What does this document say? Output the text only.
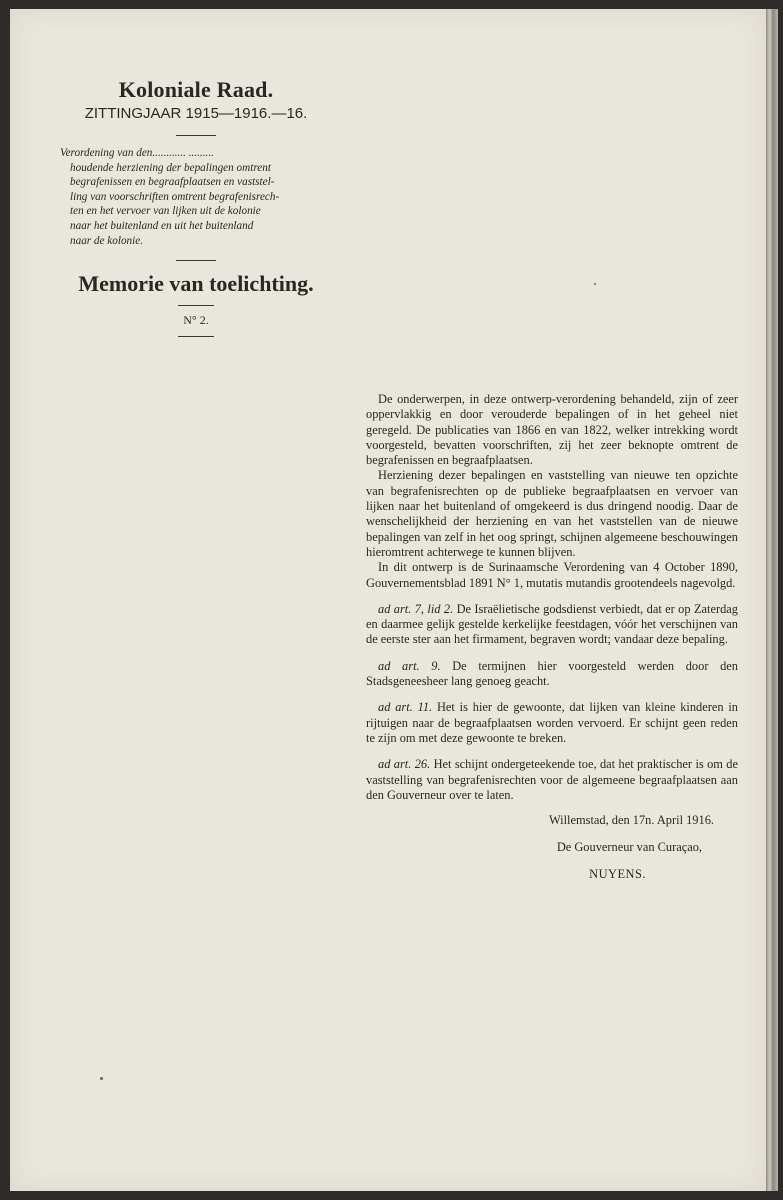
Koloniale Raad.
ZITTINGJAAR 1915—1916.—16.
Verordening van den............ .........
houdende herziening der bepalingen omtrent
begrafenissen en begraafplaatsen en vaststel-
ling van voorschriften omtrent begrafenisrech-
ten en het vervoer van lijken uit de kolonie
naar het buitenland en uit het buitenland
naar de kolonie.
Memorie van toelichting.
N° 2.

De onderwerpen, in deze ontwerp-verordening behandeld, zijn of zeer oppervlakkig en door verouderde bepalingen of in het geheel niet geregeld. De publicaties van 1866 en van 1822, welker intrekking wordt voorgesteld, bevatten voorschriften, zij het zeer beknopte omtrent de begrafenissen en begraafplaatsen.

Herziening dezer bepalingen en vaststelling van nieuwe ten opzichte van begrafenisrechten op de publieke begraafplaatsen en vervoer van lijken naar het buitenland of omgekeerd is dus dringend noodig. Daar de wenschelijkheid der herziening en van het vaststellen van de nieuwe bepalingen van zelf in het oog springt, schijnen algemeene beschouwingen hieromtrent achterwege te kunnen blijven.

In dit ontwerp is de Surinaamsche Verordening van 4 October 1890, Gouvernementsblad 1891 N° 1, mutatis mutandis grootendeels nagevolgd.

ad art. 7, lid 2. De Israëlietische godsdienst verbiedt, dat er op Zaterdag en daarmee gelijk gestelde kerkelijke feestdagen, vóór het verschijnen van de eerste ster aan het firmament, begraven wordt; vandaar deze bepaling.

ad art. 9. De termijnen hier voorgesteld werden door den Stadsgeneesheer lang genoeg geacht.

ad art. 11. Het is hier de gewoonte, dat lijken van kleine kinderen in rijtuigen naar de begraafplaatsen worden vervoerd. Er schijnt geen reden te zijn om met deze gewoonte te breken.

ad art. 26. Het schijnt ondergeteekende toe, dat het praktischer is om de vaststelling van begrafenisrechten voor de algemeene begraafplaatsen aan den Gouverneur over te laten.

Willemstad, den 17n. April 1916.

De Gouverneur van Curaçao,

NUYENS.
